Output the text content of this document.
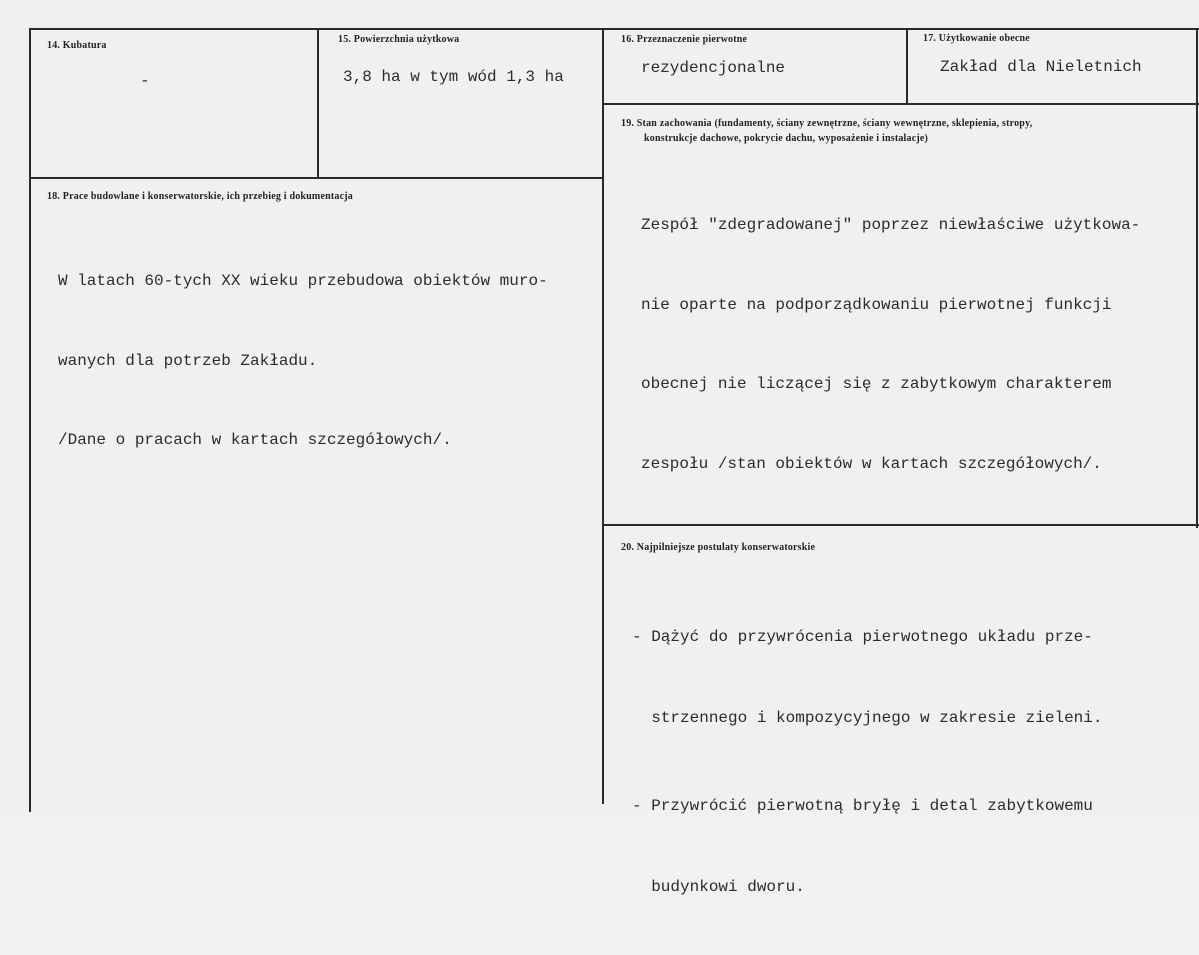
14. Kubatura
-
15. Powierzchnia użytkowa
3,8 ha w tym wód 1,3 ha
16. Przeznaczenie pierwotne
rezydencjonalne
17. Użytkowanie obecne
Zakład dla Nieletnich
18. Prace budowlane i konserwatorskie, ich przebieg i dokumentacja

W latach 60-tych XX wieku przebudowa obiektów muro-

wanych dla potrzeb Zakładu.

/Dane o pracach w kartach szczegółowych/.

19. Stan zachowania (fundamenty, ściany zewnętrzne, ściany wewnętrzne, sklepienia, stropy,
konstrukcje dachowe, pokrycie dachu, wyposażenie i instalacje)

Zespół "zdegradowanej" poprzez niewłaściwe użytkowa-

nie oparte na podporządkowaniu pierwotnej funkcji

obecnej nie liczącej się z zabytkowym charakterem

zespołu /stan obiektów w kartach szczegółowych/.

20. Najpilniejsze postulaty konserwatorskie

- Dążyć do przywrócenia pierwotnego układu prze-

strzennego i kompozycyjnego w zakresie zieleni.

- Przywrócić pierwotną bryłę i detal zabytkowemu

budynkowi dworu.
